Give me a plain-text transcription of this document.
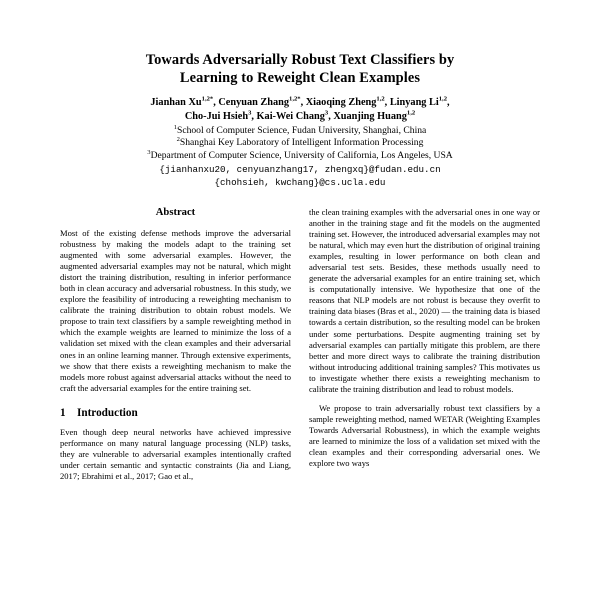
Towards Adversarially Robust Text Classifiers by
Learning to Reweight Clean Examples
Jianhan $Xu^{1,2*}$, Cenyuan Zhang$^{1,2*}$, Xiaoqing Zheng$^{1,2}$, Linyang Li$^{1,2}$,
Cho-Jui Hsieh$^3$, Kai-Wei Chang$^3$, Xuanjing Huang$^{1,2}$
$^1$School of Computer Science, Fudan University, Shanghai, China
$^2$Shanghai Key Laboratory of Intelligent Information Processing
$^3$Department of Computer Science, University of California, Los Angeles, USA
{jianhanxu20, cenyuanzhang17, zhengxq}@fudan.edu.cn
{chohsieh, kwchang}@cs.ucla.edu
Abstract

Most of the existing defense methods improve the adversarial robustness by making the models adapt to the training set augmented with some adversarial examples. However, the augmented adversarial examples may not be natural, which might distort the training distribution, resulting in inferior performance both in clean accuracy and adversarial robustness. In this study, we explore the feasibility of introducing a reweighting mechanism to calibrate the training distribution to obtain robust models. We propose to train text classifiers by a sample reweighting method in which the example weights are learned to minimize the loss of a validation set mixed with the clean examples and their adversarial ones in an online learning manner. Through extensive experiments, we show that there exists a reweighting mechanism to make the models more robust against adversarial attacks without the need to craft the adversarial examples for the entire training set.

1 Introduction

Even though deep neural networks have achieved impressive performance on many natural language processing (NLP) tasks, they are vulnerable to adversarial examples intentionally crafted under certain semantic and syntactic constraints (Jia and Liang, 2017; Ebrahimi et al., 2017; Gao et al.,

the clean training examples with the adversarial ones in one way or another in the training stage and fit the models on the augmented training set. However, the introduced adversarial examples may not be natural, which may even hurt the distribution of original training examples, resulting in lower performance on both clean and adversarial test sets. Besides, these methods usually need to generate the adversarial examples for an entire training set, which is computationally intensive. We hypothesize that one of the reasons that NLP models are not robust is because they overfit to training data biases (Bras et al., 2020) — the training data is biased towards a certain distribution, so the resulting model can be broken under some perturbations. Despite augmenting training set by adversarial examples can partially mitigate this problem, are there better and more direct ways to calibrate the training distribution without introducing additional training samples? This motivates us to investigate whether there exists a reweighting mechanism to calibrate the training distribution and lead to robust models.

We propose to train adversarially robust text classifiers by a sample reweighting method, named WETAR (Weighting Examples Towards Adversarial Robustness), in which the example weights are learned to minimize the loss of a validation set mixed with the clean examples and their corresponding adversarial ones. We explore two ways
